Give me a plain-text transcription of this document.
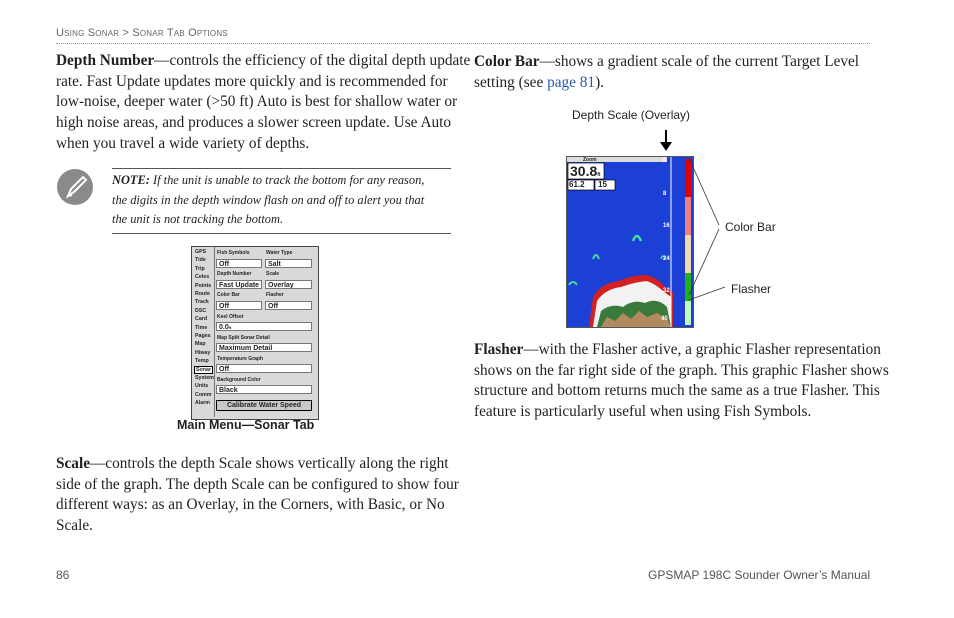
Using Sonar > Sonar Tab Options
Depth Number—controls the efficiency of the digital depth update
rate. Fast Update updates more quickly and is recommended for
low-noise, deeper water (>50 ft) Auto is best for shallow water or
high noise areas, and produces a slower screen update. Use Auto
when you travel a wide variety of depths.
NOTE: If the unit is unable to track the bottom for any reason,
the digits in the depth window flash on and off to alert you that
the unit is not tracking the bottom.
GPS
Tide
Trip
Celes
Points
Route
Track
DSC
Card
Time
Pages
Map
Hiway
Temp
Sonar
System
Units
Comm
Alarm
Fish Symbols
Off
Water Type
Salt
Depth Number
Fast Update
Scale
Overlay
Color Bar
Off
Flasher
Off
Keel Offset
0.0ft
Map Split Sonar Detail
Maximum Detail
Temperature Graph
Off
Background Color
Black
Calibrate Water Speed
Main Menu—Sonar Tab
Scale—controls the depth Scale shows vertically along the right
side of the graph. The depth Scale can be configured to show four
different ways: as an Overlay, in the Corners, with Basic, or No
Scale.
Color Bar—shows a gradient scale of the current Target Level
setting (see page 81).
Depth Scale (Overlay)
Zoom
30.8ft
61.2 15
0
8
16
24
32
40
Color Bar
Flasher
Flasher—with the Flasher active, a graphic Flasher representation
shows on the far right side of the graph. This graphic Flasher shows
structure and bottom returns much the same as a true Flasher. This
feature is particularly useful when using Fish Symbols.
86	GPSMAP 198C Sounder Owner’s Manual
